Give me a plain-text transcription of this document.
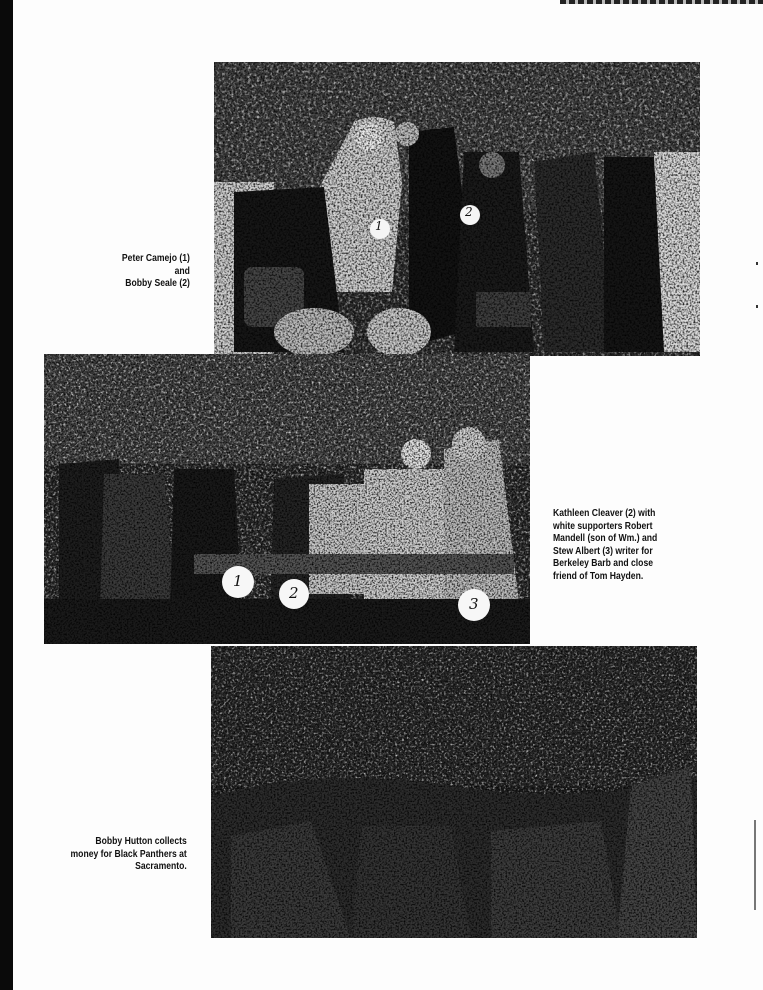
1
2
Peter Camejo (1)
and
Bobby Seale (2)
1
2
3
Kathleen Cleaver (2) with
white supporters Robert
Mandell (son of Wm.) and
Stew Albert (3) writer for
Berkeley Barb and close
friend of Tom Hayden.
Bobby Hutton collects
money for Black Panthers at
Sacramento.
